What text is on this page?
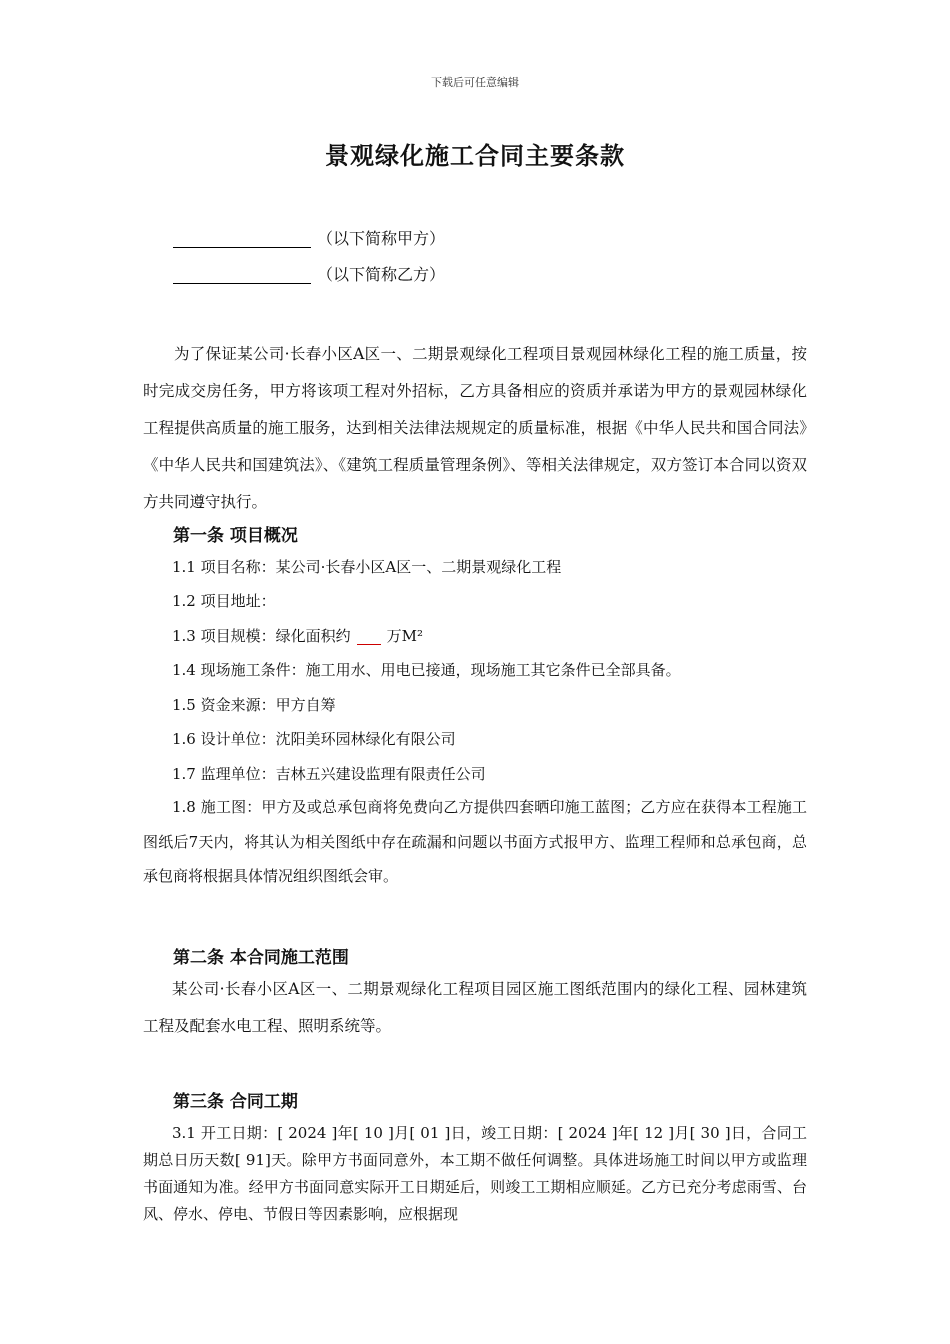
下载后可任意编辑
景观绿化施工合同主要条款
（以下简称甲方）
（以下简称乙方）
为了保证某公司·长春小区A区一、二期景观绿化工程项目景观园林绿化工程的施工质量，按时完成交房任务，甲方将该项工程对外招标，乙方具备相应的资质并承诺为甲方的景观园林绿化工程提供高质量的施工服务，达到相关法律法规规定的质量标准，根据《中华人民共和国合同法》《中华人民共和国建筑法》、《建筑工程质量管理条例》、等相关法律规定，双方签订本合同以资双方共同遵守执行。
第一条 项目概况
1.1 项目名称：某公司·长春小区A区一、二期景观绿化工程
1.2 项目地址：
1.3 项目规模：绿化面积约 万M²
1.4 现场施工条件：施工用水、用电已接通，现场施工其它条件已全部具备。
1.5 资金来源：甲方自筹
1.6 设计单位：沈阳美环园林绿化有限公司
1.7 监理单位：吉林五兴建设监理有限责任公司
1.8 施工图：甲方及或总承包商将免费向乙方提供四套晒印施工蓝图；乙方应在获得本工程施工图纸后7天内，将其认为相关图纸中存在疏漏和问题以书面方式报甲方、监理工程师和总承包商，总承包商将根据具体情况组织图纸会审。
第二条 本合同施工范围
某公司·长春小区A区一、二期景观绿化工程项目园区施工图纸范围内的绿化工程、园林建筑工程及配套水电工程、照明系统等。
第三条 合同工期
3.1 开工日期：[ 2024 ]年[ 10 ]月[ 01 ]日，竣工日期：[ 2024 ]年[ 12 ]月[ 30 ]日，合同工期总日历天数[ 91]天。除甲方书面同意外，本工期不做任何调整。具体进场施工时间以甲方或监理书面通知为准。经甲方书面同意实际开工日期延后，则竣工工期相应顺延。乙方已充分考虑雨雪、台风、停水、停电、节假日等因素影响，应根据现
